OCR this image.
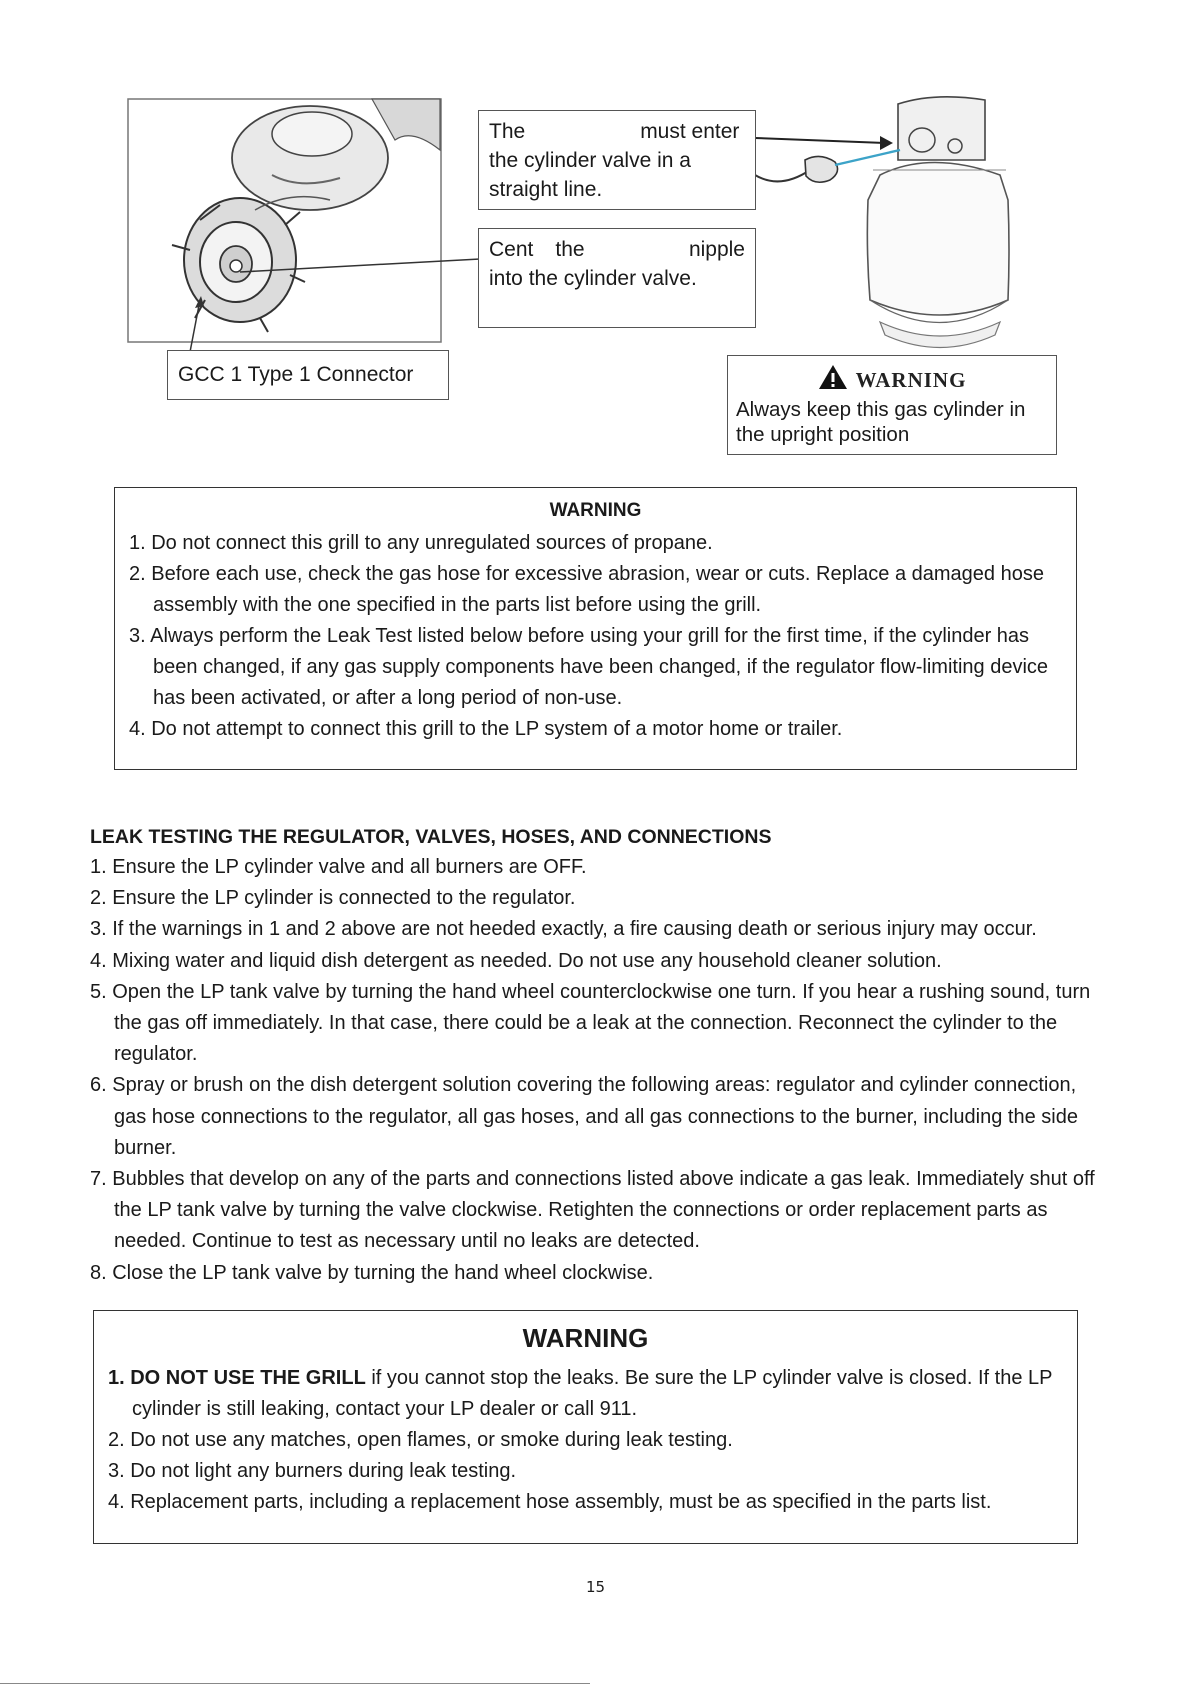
The	must enter
the cylinder valve in a
straight line.
Cent the	nipple
into the cylinder valve.
GCC 1 Type 1 Connector	WARNING
Always keep this gas cylinder in the upright position
WARNING
1. Do not connect this grill to any unregulated sources of propane.
2. Before each use, check the gas hose for excessive abrasion, wear or cuts. Replace a damaged hose assembly with the one specified in the parts list before using the grill.
3. Always perform the Leak Test listed below before using your grill for the first time, if the cylinder has been changed, if any gas supply components have been changed, if the regulator flow-limiting device has been activated, or after a long period of non-use.
4. Do not attempt to connect this grill to the LP system of a motor home or trailer.
LEAK TESTING THE REGULATOR, VALVES, HOSES, AND CONNECTIONS
1. Ensure the LP cylinder valve and all burners are OFF.
2. Ensure the LP cylinder is connected to the regulator.
3. If the warnings in 1 and 2 above are not heeded exactly, a fire causing death or serious injury may occur.
4. Mixing water and liquid dish detergent as needed. Do not use any household cleaner solution.
5. Open the LP tank valve by turning the hand wheel counterclockwise one turn. If you hear a rushing sound, turn the gas off immediately. In that case, there could be a leak at the connection. Reconnect the cylinder to the regulator.
6. Spray or brush on the dish detergent solution covering the following areas: regulator and cylinder connection, gas hose connections to the regulator, all gas hoses, and all gas connections to the burner, including the side burner.
7. Bubbles that develop on any of the parts and connections listed above indicate a gas leak. Immediately shut off the LP tank valve by turning the valve clockwise. Retighten the connections or order replacement parts as needed. Continue to test as necessary until no leaks are detected.
8. Close the LP tank valve by turning the hand wheel clockwise.
WARNING
1. DO NOT USE THE GRILL if you cannot stop the leaks. Be sure the LP cylinder valve is closed. If the LP cylinder is still leaking, contact your LP dealer or call 911.
2. Do not use any matches, open flames, or smoke during leak testing.
3. Do not light any burners during leak testing.
4. Replacement parts, including a replacement hose assembly, must be as specified in the parts list.
15
